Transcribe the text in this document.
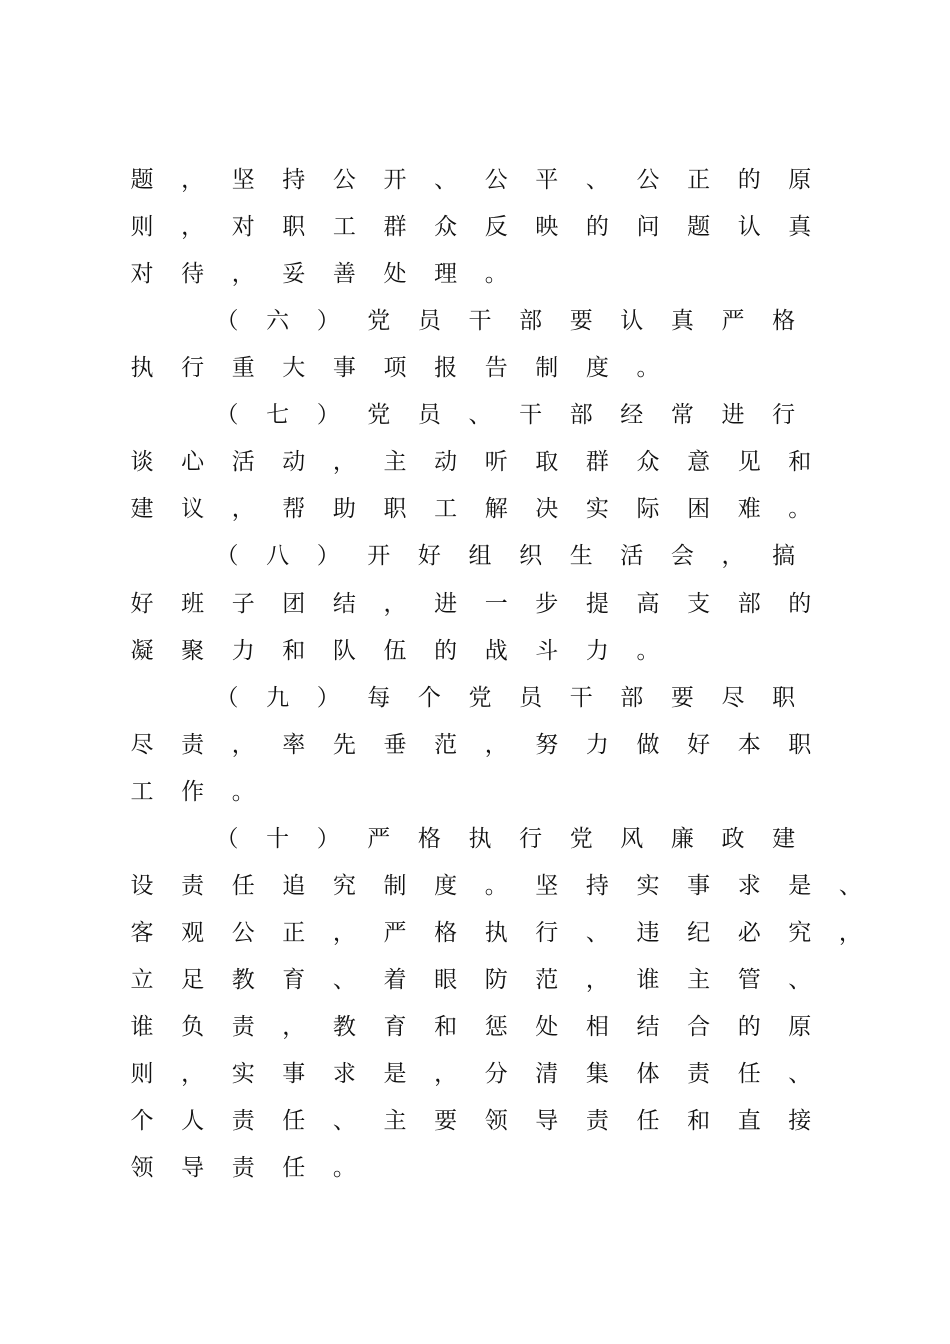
题 ， 坚 持 公 开 、 公 平 、 公 正 的 原
则 ， 对 职 工 群 众 反 映 的 问 题 认 真
对 待 ， 妥 善 处 理 。
（ 六 ） 党 员 干 部 要 认 真 严 格
执 行 重 大 事 项 报 告 制 度 。
（ 七 ） 党 员 、 干 部 经 常 进 行
谈 心 活 动 ， 主 动 听 取 群 众 意 见 和
建 议 ， 帮 助 职 工 解 决 实 际 困 难 。
（ 八 ） 开 好 组 织 生 活 会 ， 搞
好 班 子 团 结 ， 进 一 步 提 高 支 部 的
凝 聚 力 和 队 伍 的 战 斗 力 。
（ 九 ） 每 个 党 员 干 部 要 尽 职
尽 责 ， 率 先 垂 范 ， 努 力 做 好 本 职
工 作 。
（ 十 ） 严 格 执 行 党 风 廉 政 建
设 责 任 追 究 制 度 。 坚 持 实 事 求 是 、
客 观 公 正 ， 严 格 执 行 、 违 纪 必 究 ，
立 足 教 育 、 着 眼 防 范 ， 谁 主 管 、
谁 负 责 ， 教 育 和 惩 处 相 结 合 的 原
则 ， 实 事 求 是 ， 分 清 集 体 责 任 、
个 人 责 任 、 主 要 领 导 责 任 和 直 接
领 导 责 任 。
